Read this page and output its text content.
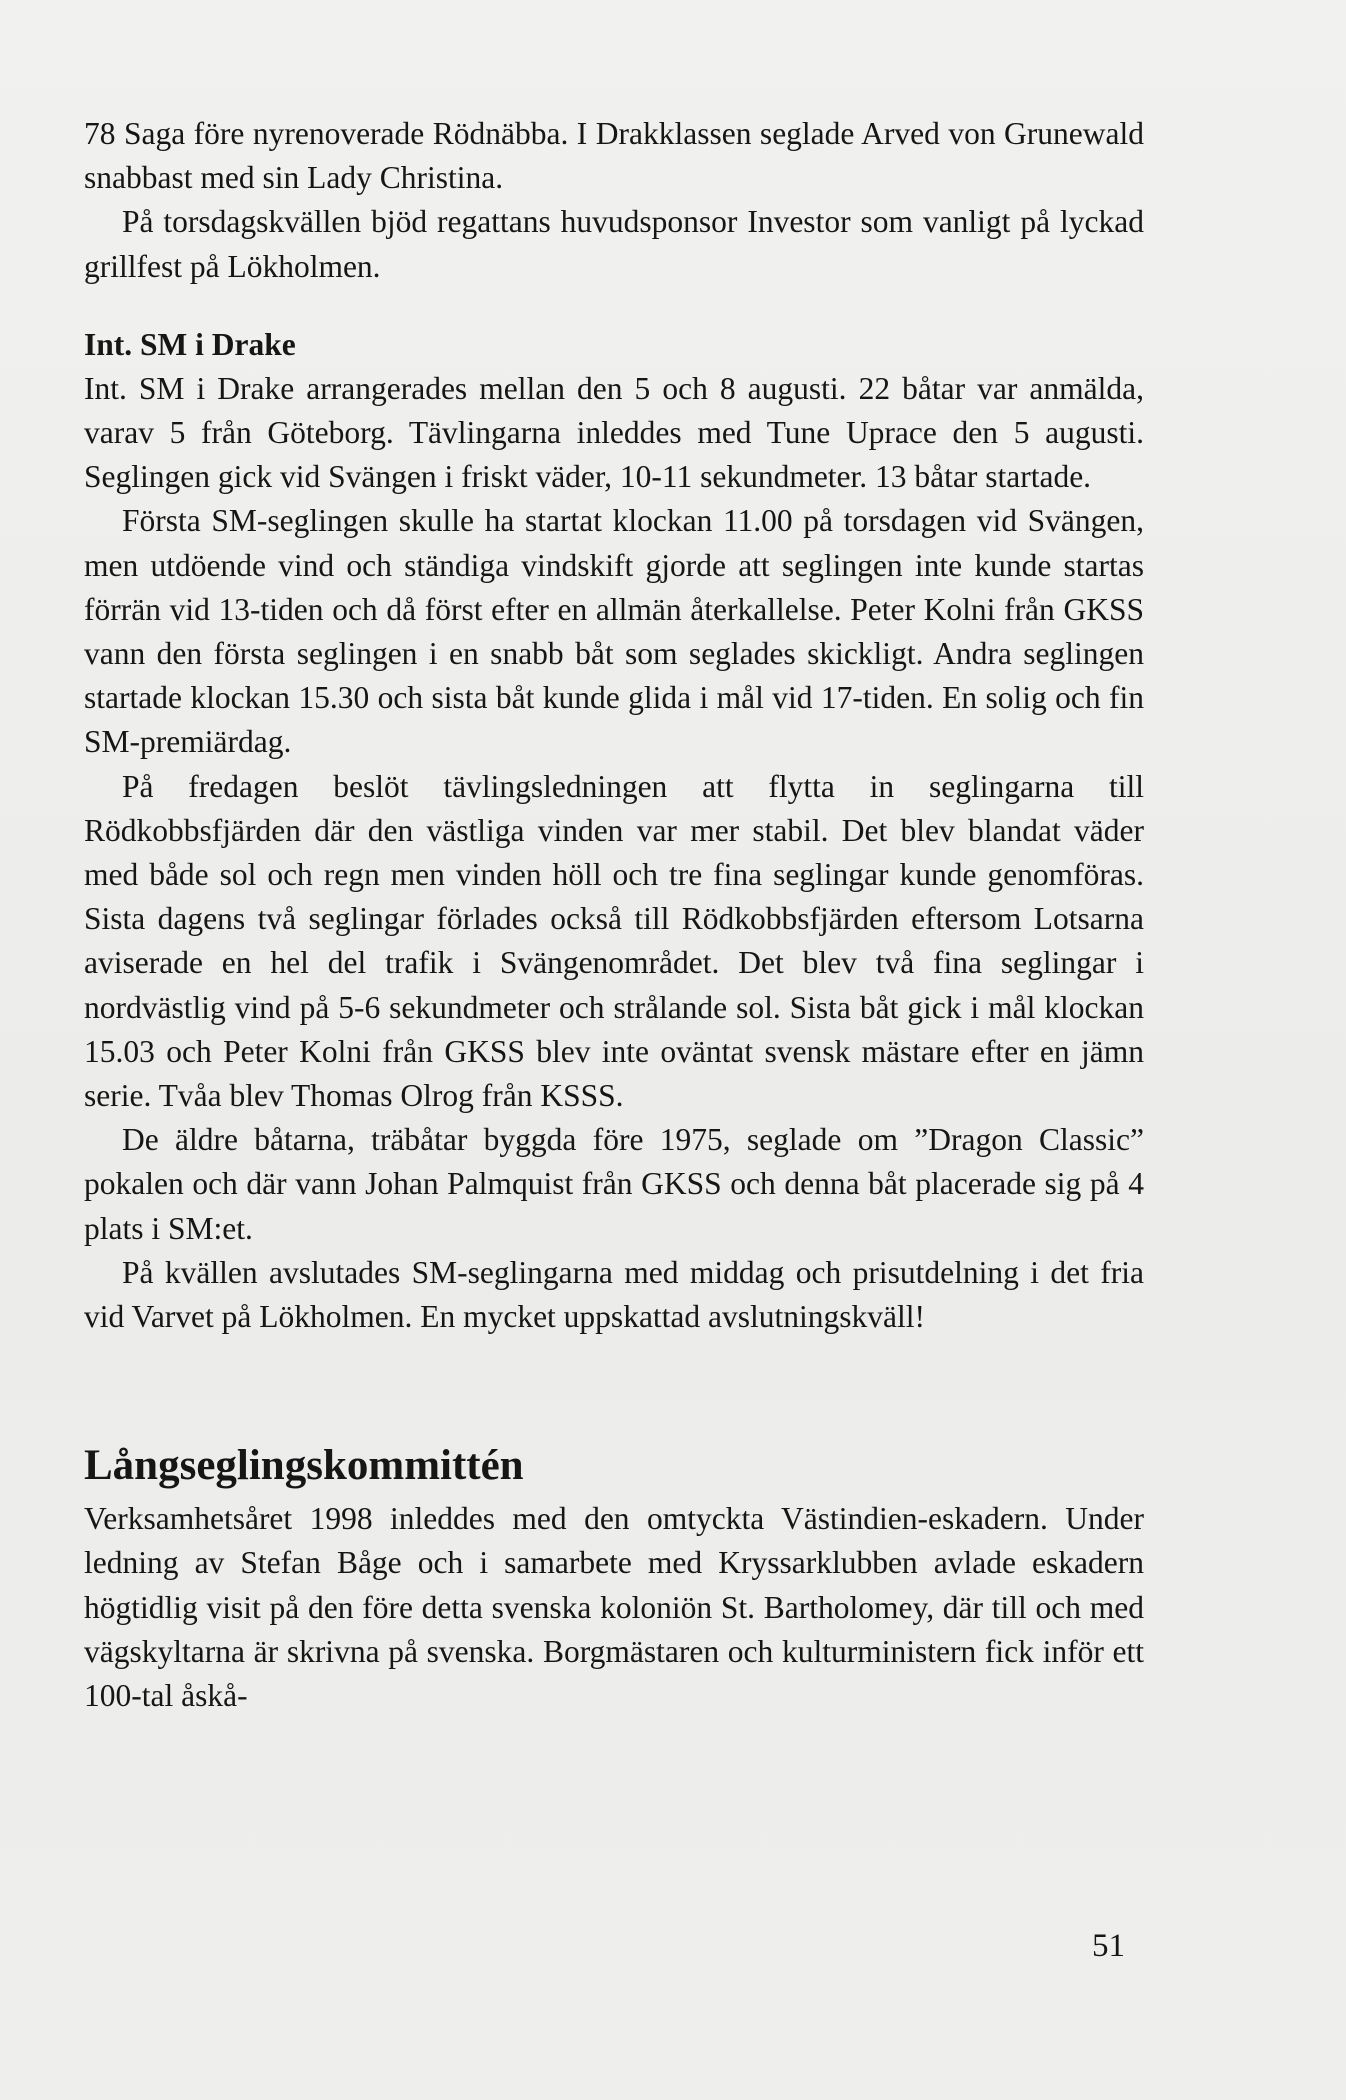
78 Saga före nyrenoverade Rödnäbba. I Drakklassen seglade Arved von Grunewald snabbast med sin Lady Christina.

På torsdagskvällen bjöd regattans huvudsponsor Investor som vanligt på lyckad grillfest på Lökholmen.

Int. SM i Drake

Int. SM i Drake arrangerades mellan den 5 och 8 augusti. 22 båtar var anmälda, varav 5 från Göteborg. Tävlingarna inleddes med Tune Uprace den 5 augusti. Seglingen gick vid Svängen i friskt väder, 10-11 sekundmeter. 13 båtar startade.

Första SM-seglingen skulle ha startat klockan 11.00 på torsdagen vid Svängen, men utdöende vind och ständiga vindskift gjorde att seglingen inte kunde startas förrän vid 13-tiden och då först efter en allmän återkallelse. Peter Kolni från GKSS vann den första seglingen i en snabb båt som seglades skickligt. Andra seglingen startade klockan 15.30 och sista båt kunde glida i mål vid 17-tiden. En solig och fin SM-premiärdag.

På fredagen beslöt tävlingsledningen att flytta in seglingarna till Rödkobbsfjärden där den västliga vinden var mer stabil. Det blev blandat väder med både sol och regn men vinden höll och tre fina seglingar kunde genomföras. Sista dagens två seglingar förlades också till Rödkobbsfjärden eftersom Lotsarna aviserade en hel del trafik i Svängenområdet. Det blev två fina seglingar i nordvästlig vind på 5-6 sekundmeter och strålande sol. Sista båt gick i mål klockan 15.03 och Peter Kolni från GKSS blev inte oväntat svensk mästare efter en jämn serie. Tvåa blev Thomas Olrog från KSSS.

De äldre båtarna, träbåtar byggda före 1975, seglade om ”Dragon Classic” pokalen och där vann Johan Palmquist från GKSS och denna båt placerade sig på 4 plats i SM:et.

På kvällen avslutades SM-seglingarna med middag och prisutdelning i det fria vid Varvet på Lökholmen. En mycket uppskattad avslutningskväll!

Långseglingskommittén

Verksamhetsåret 1998 inleddes med den omtyckta Västindien-eskadern. Under ledning av Stefan Båge och i samarbete med Kryssarklubben avlade eskadern högtidlig visit på den före detta svenska koloniön St. Bartholomey, där till och med vägskyltarna är skrivna på svenska. Borgmästaren och kulturministern fick inför ett 100-tal åskå-

51
